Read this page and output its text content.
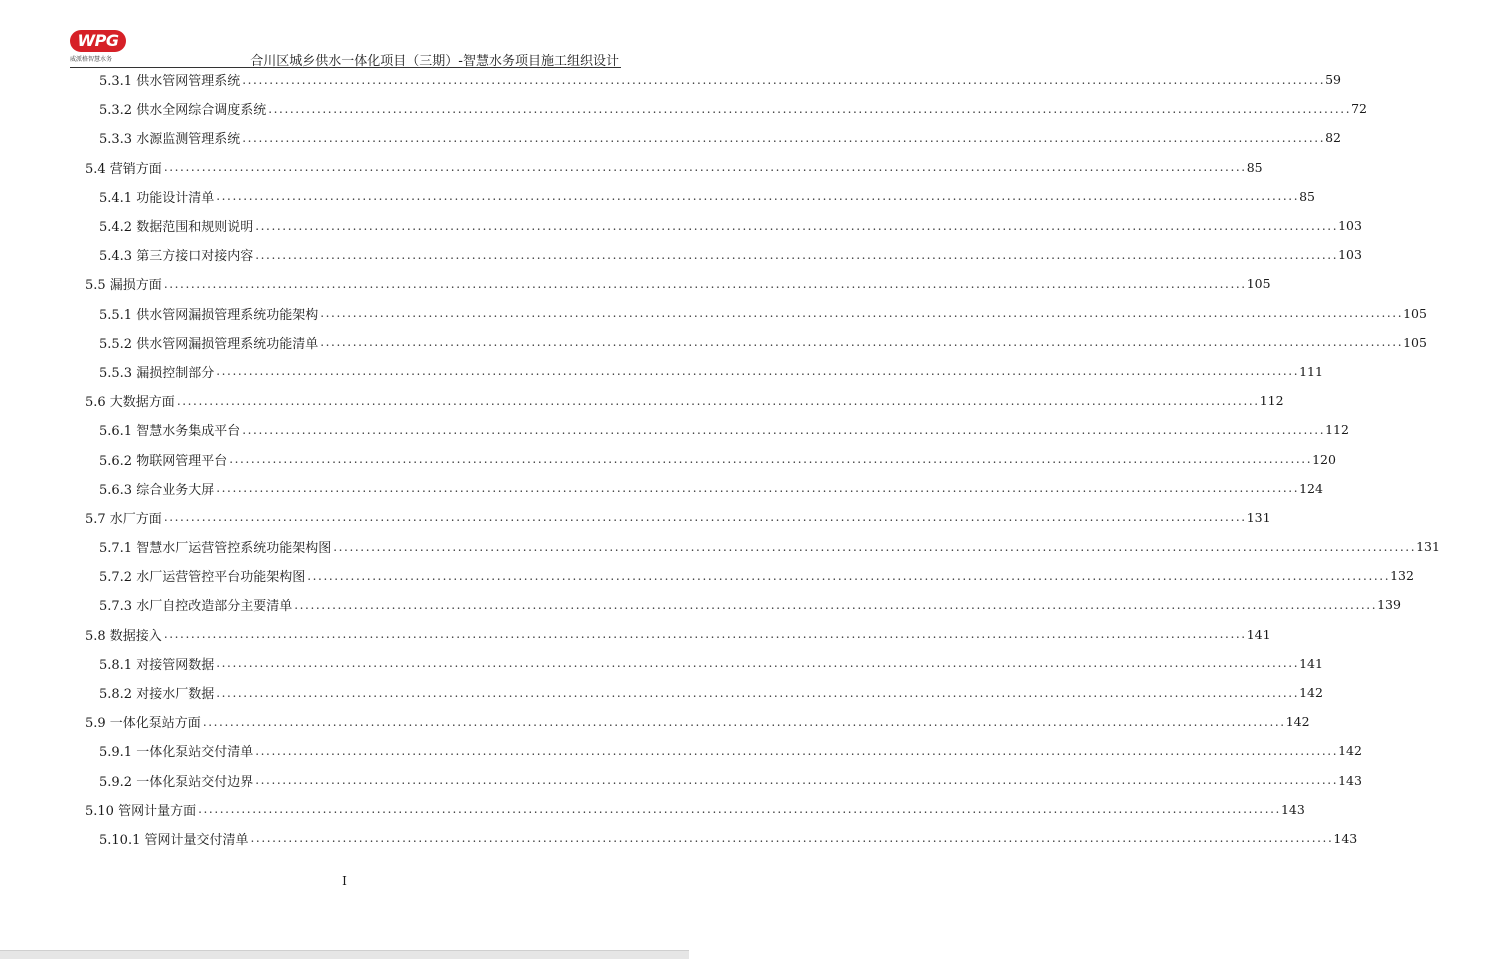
WPG
威派格智慧水务	合川区城乡供水一体化项目（三期）-智慧水务项目施工组织设计
5.3.1 供水管网管理系统 ........................................................................................................................................................................................................ 59
5.3.2 供水全网综合调度系统 ........................................................................................................................................................................................................ 72
5.3.3 水源监测管理系统 ........................................................................................................................................................................................................ 82
5.4 营销方面 ........................................................................................................................................................................................................ 85
5.4.1 功能设计清单 ........................................................................................................................................................................................................ 85
5.4.2 数据范围和规则说明 ........................................................................................................................................................................................................ 103
5.4.3 第三方接口对接内容 ........................................................................................................................................................................................................ 103
5.5 漏损方面 ........................................................................................................................................................................................................ 105
5.5.1 供水管网漏损管理系统功能架构 ........................................................................................................................................................................................................ 105
5.5.2 供水管网漏损管理系统功能清单 ........................................................................................................................................................................................................ 105
5.5.3 漏损控制部分 ........................................................................................................................................................................................................ 111
5.6 大数据方面 ........................................................................................................................................................................................................ 112
5.6.1 智慧水务集成平台 ........................................................................................................................................................................................................ 112
5.6.2 物联网管理平台 ........................................................................................................................................................................................................ 120
5.6.3 综合业务大屏 ........................................................................................................................................................................................................ 124
5.7 水厂方面 ........................................................................................................................................................................................................ 131
5.7.1 智慧水厂运营管控系统功能架构图 ........................................................................................................................................................................................................ 131
5.7.2 水厂运营管控平台功能架构图 ........................................................................................................................................................................................................ 132
5.7.3 水厂自控改造部分主要清单 ........................................................................................................................................................................................................ 139
5.8 数据接入 ........................................................................................................................................................................................................ 141
5.8.1 对接管网数据 ........................................................................................................................................................................................................ 141
5.8.2 对接水厂数据 ........................................................................................................................................................................................................ 142
5.9 一体化泵站方面 ........................................................................................................................................................................................................ 142
5.9.1 一体化泵站交付清单 ........................................................................................................................................................................................................ 142
5.9.2 一体化泵站交付边界 ........................................................................................................................................................................................................ 143
5.10 管网计量方面 ........................................................................................................................................................................................................ 143
5.10.1 管网计量交付清单 ........................................................................................................................................................................................................ 143
I
